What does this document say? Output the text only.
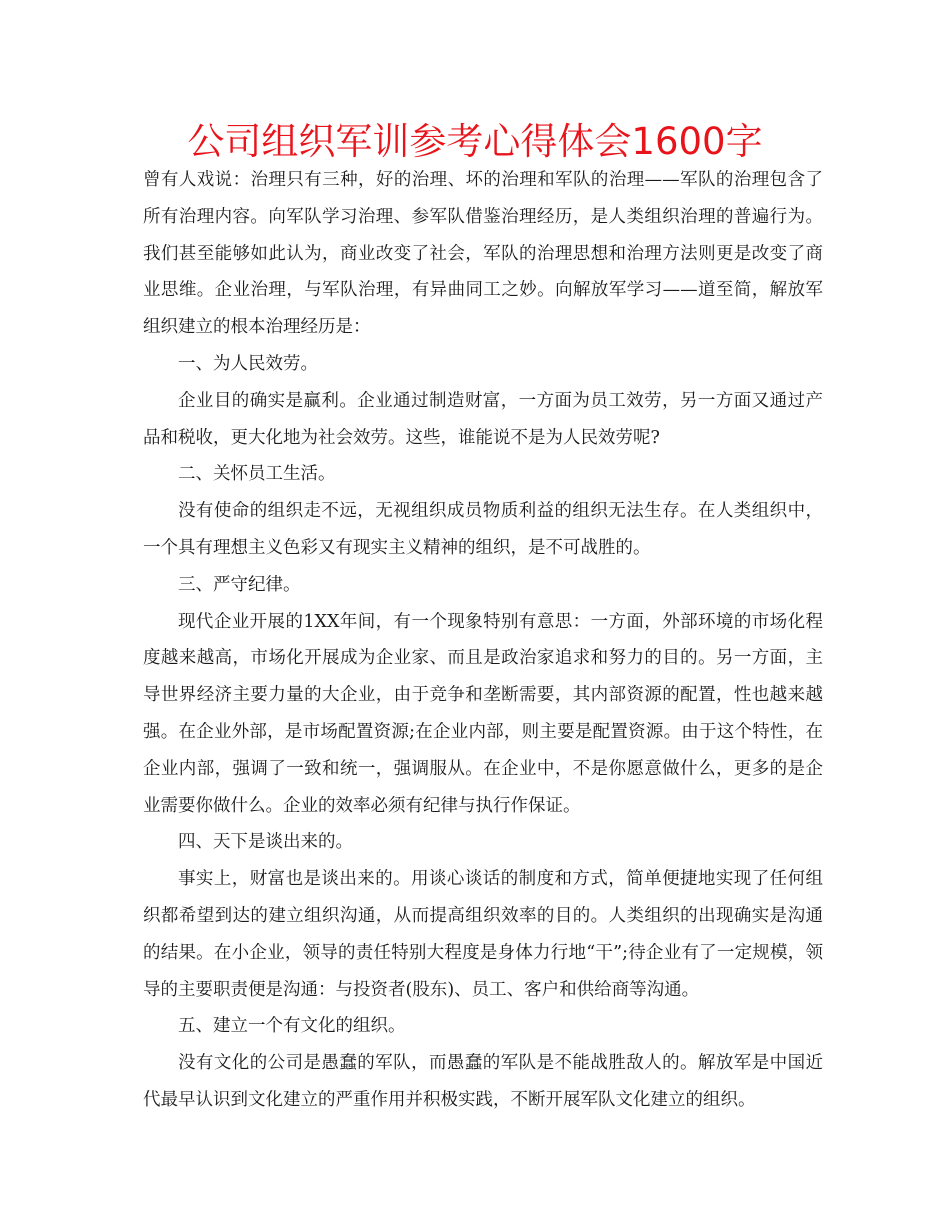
公司组织军训参考心得体会1600字

曾有人戏说：治理只有三种，好的治理、坏的治理和军队的治理——军队的治理包含了所有治理内容。向军队学习治理、参军队借鉴治理经历，是人类组织治理的普遍行为。我们甚至能够如此认为，商业改变了社会，军队的治理思想和治理方法则更是改变了商业思维。企业治理，与军队治理，有异曲同工之妙。向解放军学习——道至简，解放军组织建立的根本治理经历是：

一、为人民效劳。

企业目的确实是赢利。企业通过制造财富，一方面为员工效劳，另一方面又通过产品和税收，更大化地为社会效劳。这些，谁能说不是为人民效劳呢?

二、关怀员工生活。

没有使命的组织走不远，无视组织成员物质利益的组织无法生存。在人类组织中，一个具有理想主义色彩又有现实主义精神的组织，是不可战胜的。

三、严守纪律。

现代企业开展的1XX年间，有一个现象特别有意思：一方面，外部环境的市场化程度越来越高，市场化开展成为企业家、而且是政治家追求和努力的目的。另一方面，主导世界经济主要力量的大企业，由于竞争和垄断需要，其内部资源的配置，性也越来越强。在企业外部，是市场配置资源;在企业内部，则主要是配置资源。由于这个特性，在企业内部，强调了一致和统一，强调服从。在企业中，不是你愿意做什么，更多的是企业需要你做什么。企业的效率必须有纪律与执行作保证。

四、天下是谈出来的。

事实上，财富也是谈出来的。用谈心谈话的制度和方式，简单便捷地实现了任何组织都希望到达的建立组织沟通，从而提高组织效率的目的。人类组织的出现确实是沟通的结果。在小企业，领导的责任特别大程度是身体力行地“干”;待企业有了一定规模，领导的主要职责便是沟通：与投资者(股东)、员工、客户和供给商等沟通。

五、建立一个有文化的组织。

没有文化的公司是愚蠢的军队，而愚蠢的军队是不能战胜敌人的。解放军是中国近代最早认识到文化建立的严重作用并积极实践，不断开展军队文化建立的组织。
